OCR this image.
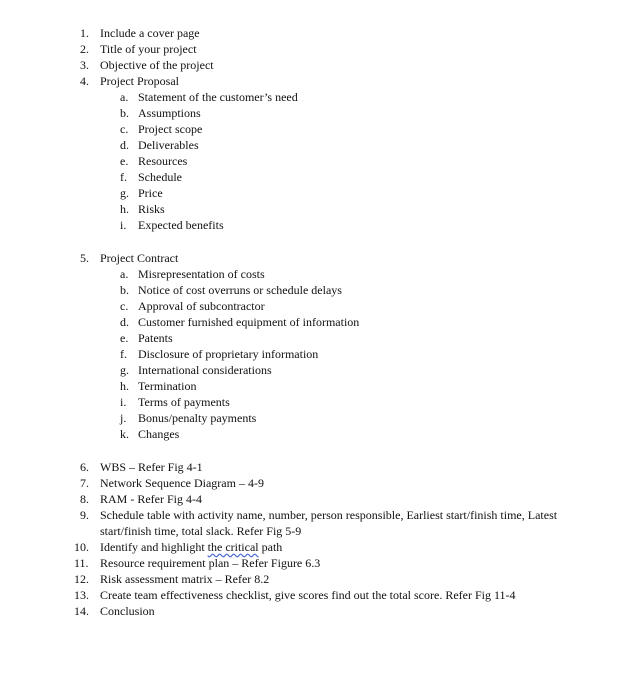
1. Include a cover page
2. Title of your project
3. Objective of the project
4. Project Proposal
a. Statement of the customer’s need
b. Assumptions
c. Project scope
d. Deliverables
e. Resources
f. Schedule
g. Price
h. Risks
i. Expected benefits
5. Project Contract
a. Misrepresentation of costs
b. Notice of cost overruns or schedule delays
c. Approval of subcontractor
d. Customer furnished equipment of information
e. Patents
f. Disclosure of proprietary information
g. International considerations
h. Termination
i. Terms of payments
j. Bonus/penalty payments
k. Changes
6. WBS – Refer Fig 4-1
7. Network Sequence Diagram – 4-9
8. RAM - Refer Fig 4-4
9. Schedule table with activity name, number, person responsible, Earliest start/finish time, Latest start/finish time, total slack. Refer Fig 5-9
10. Identify and highlight the critical path
11. Resource requirement plan – Refer Figure 6.3
12. Risk assessment matrix – Refer 8.2
13. Create team effectiveness checklist, give scores find out the total score. Refer Fig 11-4
14. Conclusion
